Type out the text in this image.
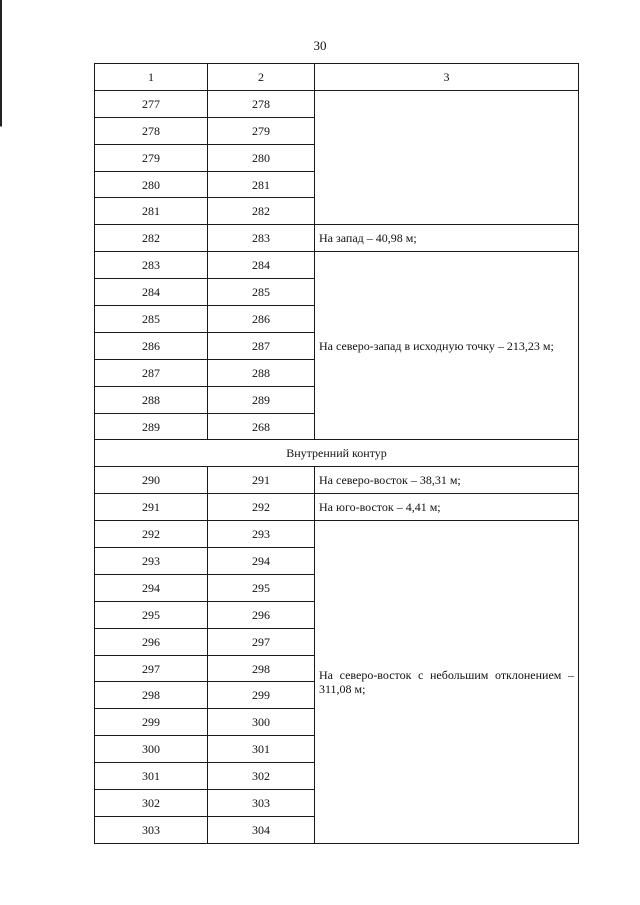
30
1	2	3
277	278	
278	279	
279	280	
280	281	
281	282	
282	283	На запад – 40,98 м;
283	284	На северо-запад в исходную точку – 213,23 м;
284	285	
285	286	
286	287	
287	288	
288	289	
289	268	
Внутренний контур		
290	291	На северо-восток – 38,31 м;
291	292	На юго-восток – 4,41 м;
292	293	На северо-восток с небольшим отклонением – 311,08 м;
293	294	
294	295	
295	296	
296	297	
297	298	
298	299	
299	300	
300	301	
301	302	
302	303	
303	304	
